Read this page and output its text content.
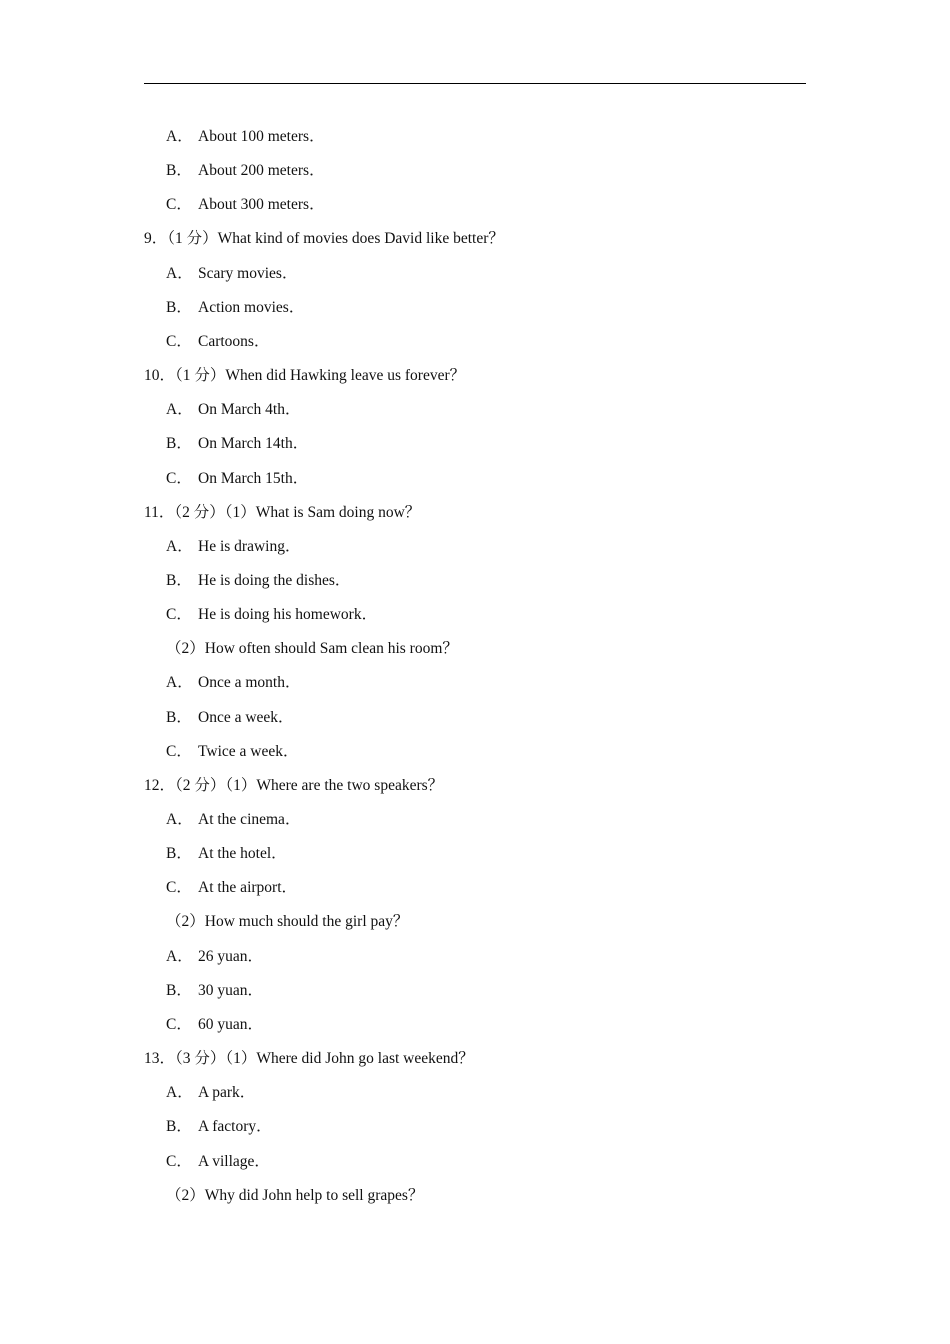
A． About 100 meters．
B． About 200 meters．
C． About 300 meters．
9．（1 分）What kind of movies does David like better？
A． Scary movies．
B． Action movies．
C． Cartoons．
10．（1 分）When did Hawking leave us forever？
A． On March 4th．
B． On March 14th．
C． On March 15th．
11．（2 分）（1）What is Sam doing now？
A． He is drawing．
B． He is doing the dishes．
C． He is doing his homework．
（2）How often should Sam clean his room？
A． Once a month．
B． Once a week．
C． Twice a week．
12．（2 分）（1）Where are the two speakers？
A． At the cinema．
B． At the hotel．
C． At the airport．
（2）How much should the girl pay？
A． 26 yuan．
B． 30 yuan．
C． 60 yuan．
13．（3 分）（1）Where did John go last weekend？
A． A park．
B． A factory．
C． A village．
（2）Why did John help to sell grapes？
